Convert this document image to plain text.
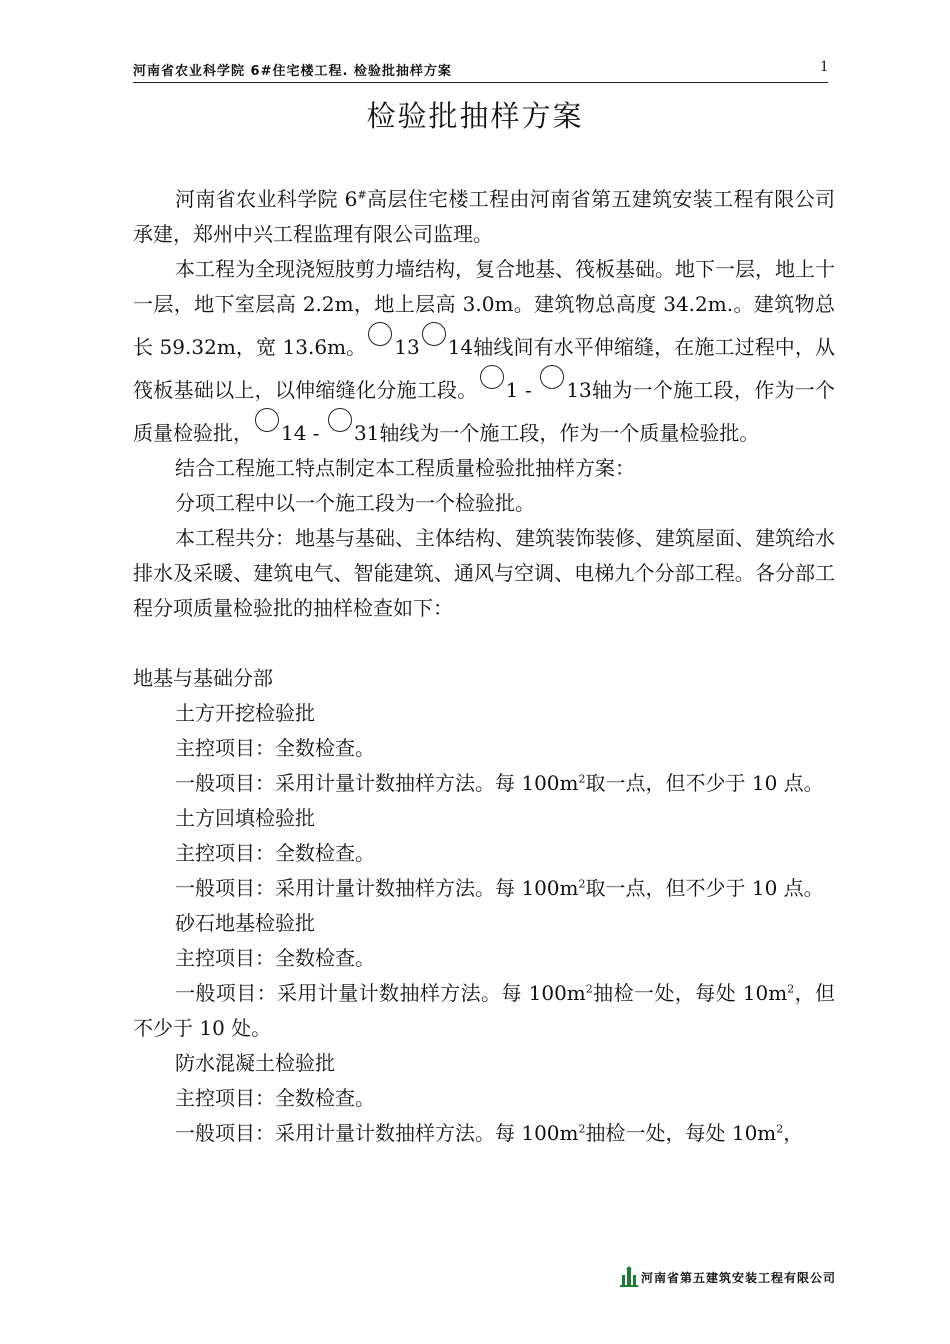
河南省农业科学院 6#住宅楼工程. 检验批抽样方案	1
检验批抽样方案

河南省农业科学院 6#高层住宅楼工程由河南省第五建筑安装工程有限公司承建，郑州中兴工程监理有限公司监理。

本工程为全现浇短肢剪力墙结构，复合地基、筏板基础。地下一层，地上十一层，地下室层高 2.2m，地上层高 3.0m。建筑物总高度 34.2m.。建筑物总长 59.32m，宽 13.6m。 13 14轴线间有水平伸缩缝，在施工过程中，从筏板基础以上，以伸缩缝化分施工段。 1 - 13轴为一个施工段，作为一个质量检验批， 14 - 31轴线为一个施工段，作为一个质量检验批。

结合工程施工特点制定本工程质量检验批抽样方案：

分项工程中以一个施工段为一个检验批。

本工程共分：地基与基础、主体结构、建筑装饰装修、建筑屋面、建筑给水排水及采暖、建筑电气、智能建筑、通风与空调、电梯九个分部工程。各分部工程分项质量检验批的抽样检查如下：

地基与基础分部

土方开挖检验批

主控项目：全数检查。

一般项目：采用计量计数抽样方法。每 $100m^2$取一点，但不少于 10 点。

土方回填检验批

主控项目：全数检查。

一般项目：采用计量计数抽样方法。每 $100m^2$取一点，但不少于 10 点。

砂石地基检验批

主控项目：全数检查。

一般项目：采用计量计数抽样方法。每 $100m^2$抽检一处，每处 $10m^2$，但不少于 10 处。

防水混凝土检验批

主控项目：全数检查。

一般项目：采用计量计数抽样方法。每 $100m^2$抽检一处，每处 $10m^2$，

河南省第五建筑安装工程有限公司
